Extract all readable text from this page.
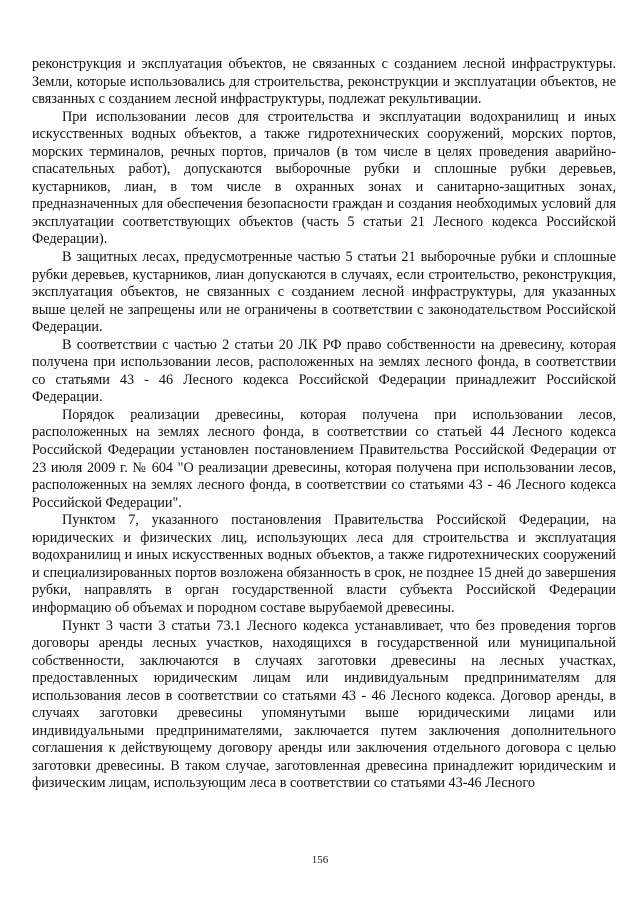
реконструкция и эксплуатация объектов, не связанных с созданием лесной инфраструктуры. Земли, которые использовались для строительства, реконструкции и эксплуатации объектов, не связанных с созданием лесной инфраструктуры, подлежат рекультивации.

При использовании лесов для строительства и эксплуатации водохранилищ и иных искусственных водных объектов, а также гидротехнических сооружений, морских портов, морских терминалов, речных портов, причалов (в том числе в целях проведения аварийно-спасательных работ), допускаются выборочные рубки и сплошные рубки деревьев, кустарников, лиан, в том числе в охранных зонах и санитарно-защитных зонах, предназначенных для обеспечения безопасности граждан и создания необходимых условий для эксплуатации соответствующих объектов (часть 5 статьи 21 Лесного кодекса Российской Федерации).

В защитных лесах, предусмотренные частью 5 статьи 21 выборочные рубки и сплошные рубки деревьев, кустарников, лиан допускаются в случаях, если строительство, реконструкция, эксплуатация объектов, не связанных с созданием лесной инфраструктуры, для указанных выше целей не запрещены или не ограничены в соответствии с законодательством Российской Федерации.

В соответствии с частью 2 статьи 20 ЛК РФ право собственности на древесину, которая получена при использовании лесов, расположенных на землях лесного фонда, в соответствии со статьями 43 - 46 Лесного кодекса Российской Федерации принадлежит Российской Федерации.

Порядок реализации древесины, которая получена при использовании лесов, расположенных на землях лесного фонда, в соответствии со статьей 44 Лесного кодекса Российской Федерации установлен постановлением Правительства Российской Федерации от 23 июля 2009 г. № 604 "О реализации древесины, которая получена при использовании лесов, расположенных на землях лесного фонда, в соответствии со статьями 43 - 46 Лесного кодекса Российской Федерации".

Пунктом 7, указанного постановления Правительства Российской Федерации, на юридических и физических лиц, использующих леса для строительства и эксплуатация водохранилищ и иных искусственных водных объектов, а также гидротехнических сооружений и специализированных портов возложена обязанность в срок, не позднее 15 дней до завершения рубки, направлять в орган государственной власти субъекта Российской Федерации информацию об объемах и породном составе вырубаемой древесины.

Пункт 3 части 3 статьи 73.1 Лесного кодекса устанавливает, что без проведения торгов договоры аренды лесных участков, находящихся в государственной или муниципальной собственности, заключаются в случаях заготовки древесины на лесных участках, предоставленных юридическим лицам или индивидуальным предпринимателям для использования лесов в соответствии со статьями 43 - 46 Лесного кодекса. Договор аренды, в случаях заготовки древесины упомянутыми выше юридическими лицами или индивидуальными предпринимателями, заключается путем заключения дополнительного соглашения к действующему договору аренды или заключения отдельного договора с целью заготовки древесины. В таком случае, заготовленная древесина принадлежит юридическим и физическим лицам, использующим леса в соответствии со статьями 43-46 Лесного

156
